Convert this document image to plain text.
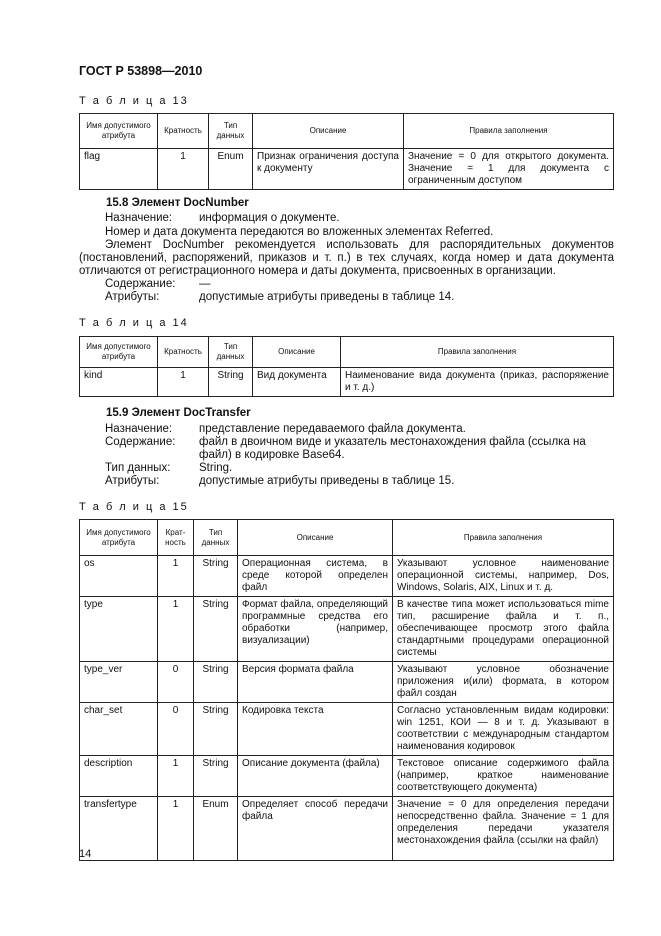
ГОСТ Р 53898—2010
Т а б л и ц а 13
Имя допустимого атрибута	Кратность	Тип данных	Описание	Правила заполнения
flag	1	Enum	Признак ограничения доступа к документу	Значение = 0 для открытого документа. Значение = 1 для документа с ограниченным доступом
15.8 Элемент DocNumber
Назначение: информация о документе.
Номер и дата документа передаются во вложенных элементах Referred.
Элемент DocNumber рекомендуется использовать для распорядительных документов (постановлений, распоряжений, приказов и т. п.) в тех случаях, когда номер и дата документа отличаются от регистрационного номера и даты документа, присвоенных в организации.
Содержание: —
Атрибуты:	допустимые атрибуты приведены в таблице 14.
Т а б л и ц а 14
Имя допустимого атрибута	Кратность	Тип данных	Описание	Правила заполнения
kind	1	String	Вид документа	Наименование вида документа (приказ, распоряжение и т. д.)
15.9 Элемент DocTransfer
Назначение: представление передаваемого файла документа.
Содержание: файл в двоичном виде и указатель местонахождения файла (ссылка на файл) в кодировке Base64.
Тип данных: String.
Атрибуты:	допустимые атрибуты приведены в таблице 15.
Т а б л и ц а 15
Имя допустимого атрибута	Крат-ность	Тип данных	Описание	Правила заполнения
os	1	String	Операционная система, в среде которой определен файл	Указывают условное наименование операционной системы, например, Dos, Windows, Solaris, AIX, Linux и т. д.
type	1	String	Формат файла, определяющий программные средства его обработки (например, визуализации)	В качестве типа может использоваться mime тип, расширение файла и т. п., обеспечивающее просмотр этого файла стандартными процедурами операционной системы
type_ver	0	String	Версия формата файла	Указывают условное обозначение приложения и(или) формата, в котором файл создан
char_set	0	String	Кодировка текста	Согласно установленным видам кодировки: win 1251, КОИ — 8 и т. д. Указывают в соответствии с международным стандартом наименования кодировок
description	1	String	Описание документа (файла)	Текстовое описание содержимого файла (например, краткое наименование соответствующего документа)
transfertype	1	Enum	Определяет способ передачи файла	Значение = 0 для определения передачи непосредственно файла. Значение = 1 для определения передачи указателя местонахождения файла (ссылки на файл)
14
